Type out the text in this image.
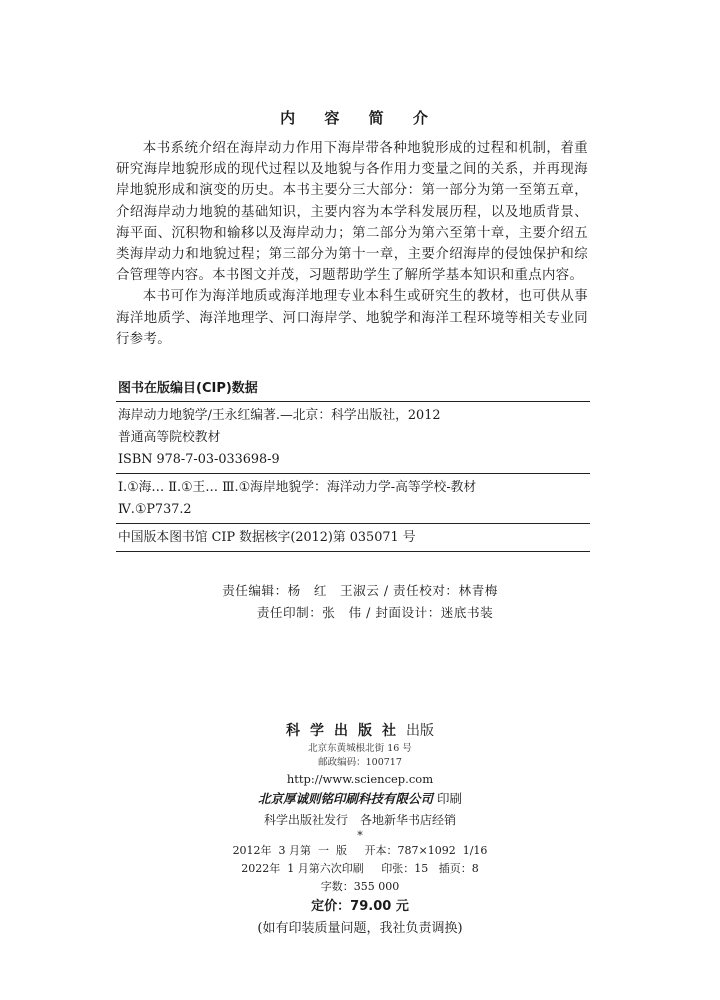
内 容 简 介

本书系统介绍在海岸动力作用下海岸带各种地貌形成的过程和机制，着重研究海岸地貌形成的现代过程以及地貌与各作用力变量之间的关系，并再现海岸地貌形成和演变的历史。本书主要分三大部分：第一部分为第一至第五章，介绍海岸动力地貌的基础知识，主要内容为本学科发展历程，以及地质背景、海平面、沉积物和输移以及海岸动力；第二部分为第六至第十章，主要介绍五类海岸动力和地貌过程；第三部分为第十一章，主要介绍海岸的侵蚀保护和综合管理等内容。本书图文并茂，习题帮助学生了解所学基本知识和重点内容。

本书可作为海洋地质或海洋地理专业本科生或研究生的教材，也可供从事海洋地质学、海洋地理学、河口海岸学、地貌学和海洋工程环境等相关专业同行参考。

图书在版编目(CIP)数据
海岸动力地貌学/王永红编著.—北京：科学出版社，2012
普通高等院校教材
ISBN 978-7-03-033698-9
Ⅰ.①海… Ⅱ.①王… Ⅲ.①海岸地貌学：海洋动力学-高等学校-教材
Ⅳ.①P737.2
中国版本图书馆 CIP 数据核字(2012)第 035071 号
责任编辑：杨　红　王淑云 / 责任校对：林青梅
责任印制：张　伟 / 封面设计：迷底书装
科学出版社出版
北京东黄城根北街 16 号
邮政编码：100717
http://www.sciencep.com
北京厚诚则铭印刷科技有限公司 印刷
科学出版社发行　各地新华书店经销
*
2012年  3 月第  一  版     开本：787×1092  1/16
2022年  1 月第六次印刷     印张：15   插页：8
字数：355 000
定价：79.00 元
(如有印装质量问题，我社负责调换)
